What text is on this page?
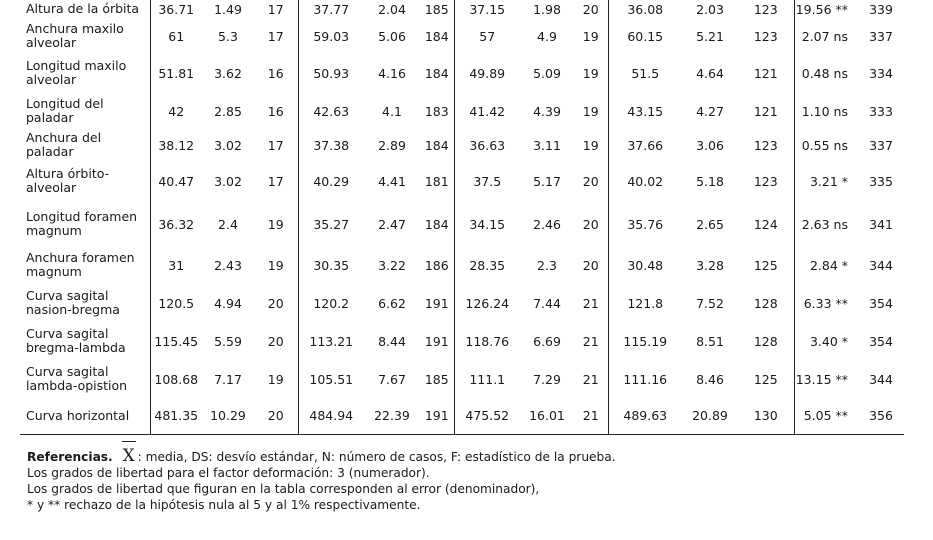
Altura de la órbita	36.71	1.49	17	37.77	2.04	185	37.15	1.98	20	36.08	2.03	123	19.56 **	339
Anchura maxilo alveolar	61	5.3	17	59.03	5.06	184	57	4.9	19	60.15	5.21	123	2.07 ns	337
Longitud maxilo alveolar	51.81	3.62	16	50.93	4.16	184	49.89	5.09	19	51.5	4.64	121	0.48 ns	334
Longitud del paladar	42	2.85	16	42.63	4.1	183	41.42	4.39	19	43.15	4.27	121	1.10 ns	333
Anchura del paladar	38.12	3.02	17	37.38	2.89	184	36.63	3.11	19	37.66	3.06	123	0.55 ns	337
Altura órbito-alveolar	40.47	3.02	17	40.29	4.41	181	37.5	5.17	20	40.02	5.18	123	3.21 *	335
Longitud foramen magnum	36.32	2.4	19	35.27	2.47	184	34.15	2.46	20	35.76	2.65	124	2.63 ns	341
Anchura foramen magnum	31	2.43	19	30.35	3.22	186	28.35	2.3	20	30.48	3.28	125	2.84 *	344
Curva sagital nasion-bregma	120.5	4.94	20	120.2	6.62	191	126.24	7.44	21	121.8	7.52	128	6.33 **	354
Curva sagital bregma-lambda	115.45	5.59	20	113.21	8.44	191	118.76	6.69	21	115.19	8.51	128	3.40 *	354
Curva sagital lambda-opistion	108.68	7.17	19	105.51	7.67	185	111.1	7.29	21	111.16	8.46	125	13.15 **	344
Curva horizontal	481.35	10.29	20	484.94	22.39	191	475.52	16.01	21	489.63	20.89	130	5.05 **	356
Referencias. X : media, DS: desvío estándar, N: número de casos, F: estadístico de la prueba.
Los grados de libertad para el factor deformación: 3 (numerador).
Los grados de libertad que figuran en la tabla corresponden al error (denominador),
* y ** rechazo de la hipótesis nula al 5 y al 1% respectivamente.
